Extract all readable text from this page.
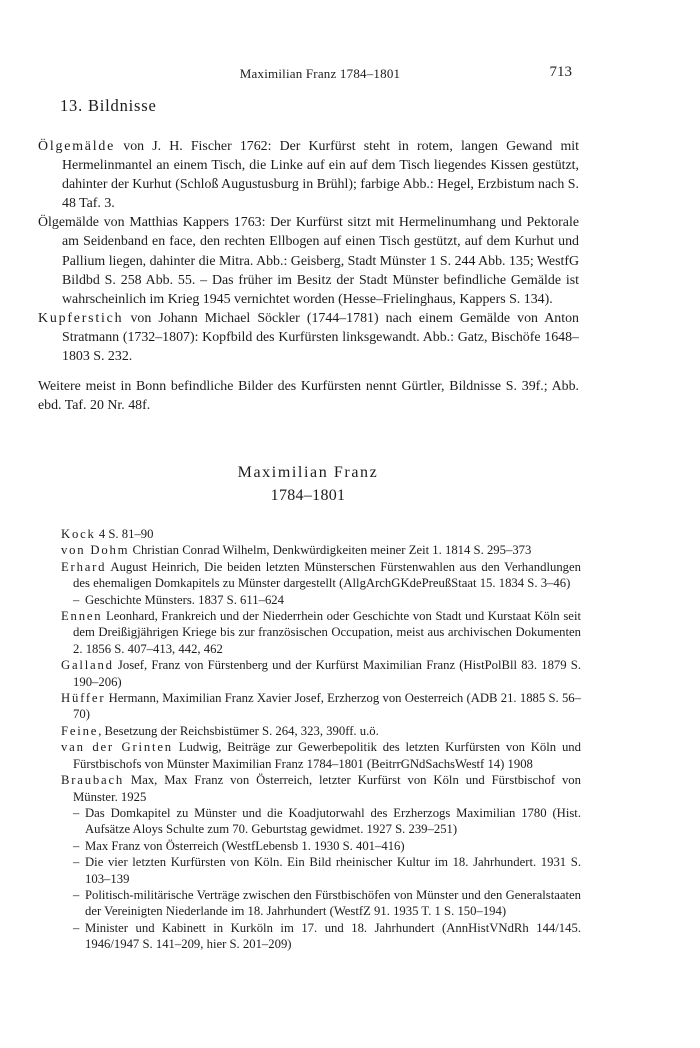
Maximilian Franz 1784–1801	713
13. Bildnisse

Ölgemälde von J. H. Fischer 1762: Der Kurfürst steht in rotem, langen Gewand mit Hermelinmantel an einem Tisch, die Linke auf ein auf dem Tisch liegendes Kissen gestützt, dahinter der Kurhut (Schloß Augustusburg in Brühl); farbige Abb.: Hegel, Erzbistum nach S. 48 Taf. 3.

Ölgemälde von Matthias Kappers 1763: Der Kurfürst sitzt mit Hermelinumhang und Pektorale am Seidenband en face, den rechten Ellbogen auf einen Tisch gestützt, auf dem Kurhut und Pallium liegen, dahinter die Mitra. Abb.: Geisberg, Stadt Münster 1 S. 244 Abb. 135; WestfG Bildbd S. 258 Abb. 55. – Das früher im Besitz der Stadt Münster befindliche Gemälde ist wahrscheinlich im Krieg 1945 vernichtet worden (Hesse–Frielinghaus, Kappers S. 134).

Kupferstich von Johann Michael Söckler (1744–1781) nach einem Gemälde von Anton Stratmann (1732–1807): Kopfbild des Kurfürsten linksgewandt. Abb.: Gatz, Bischöfe 1648–1803 S. 232.

Weitere meist in Bonn befindliche Bilder des Kurfürsten nennt Gürtler, Bildnisse S. 39f.; Abb. ebd. Taf. 20 Nr. 48f.

Maximilian Franz
1784–1801

Kock 4 S. 81–90

von Dohm Christian Conrad Wilhelm, Denkwürdigkeiten meiner Zeit 1. 1814 S. 295–373

Erhard August Heinrich, Die beiden letzten Münsterschen Fürstenwahlen aus den Verhandlungen des ehemaligen Domkapitels zu Münster dargestellt (AllgArchGKdePreußStaat 15. 1834 S. 3–46)

– Geschichte Münsters. 1837 S. 611–624

Ennen Leonhard, Frankreich und der Niederrhein oder Geschichte von Stadt und Kurstaat Köln seit dem Dreißigjährigen Kriege bis zur französischen Occupation, meist aus archivischen Dokumenten 2. 1856 S. 407–413, 442, 462

Galland Josef, Franz von Fürstenberg und der Kurfürst Maximilian Franz (HistPolBll 83. 1879 S. 190–206)

Hüffer Hermann, Maximilian Franz Xavier Josef, Erzherzog von Oesterreich (ADB 21. 1885 S. 56–70)

Feine, Besetzung der Reichsbistümer S. 264, 323, 390ff. u.ö.

van der Grinten Ludwig, Beiträge zur Gewerbepolitik des letzten Kurfürsten von Köln und Fürstbischofs von Münster Maximilian Franz 1784–1801 (BeitrrGNdSachsWestf 14) 1908

Braubach Max, Max Franz von Österreich, letzter Kurfürst von Köln und Fürstbischof von Münster. 1925

– Das Domkapitel zu Münster und die Koadjutorwahl des Erzherzogs Maximilian 1780 (Hist. Aufsätze Aloys Schulte zum 70. Geburtstag gewidmet. 1927 S. 239–251)

– Max Franz von Österreich (WestfLebensb 1. 1930 S. 401–416)

– Die vier letzten Kurfürsten von Köln. Ein Bild rheinischer Kultur im 18. Jahrhundert. 1931 S. 103–139

– Politisch-militärische Verträge zwischen den Fürstbischöfen von Münster und den Generalstaaten der Vereinigten Niederlande im 18. Jahrhundert (WestfZ 91. 1935 T. 1 S. 150–194)

– Minister und Kabinett in Kurköln im 17. und 18. Jahrhundert (AnnHistVNdRh 144/145. 1946/1947 S. 141–209, hier S. 201–209)
